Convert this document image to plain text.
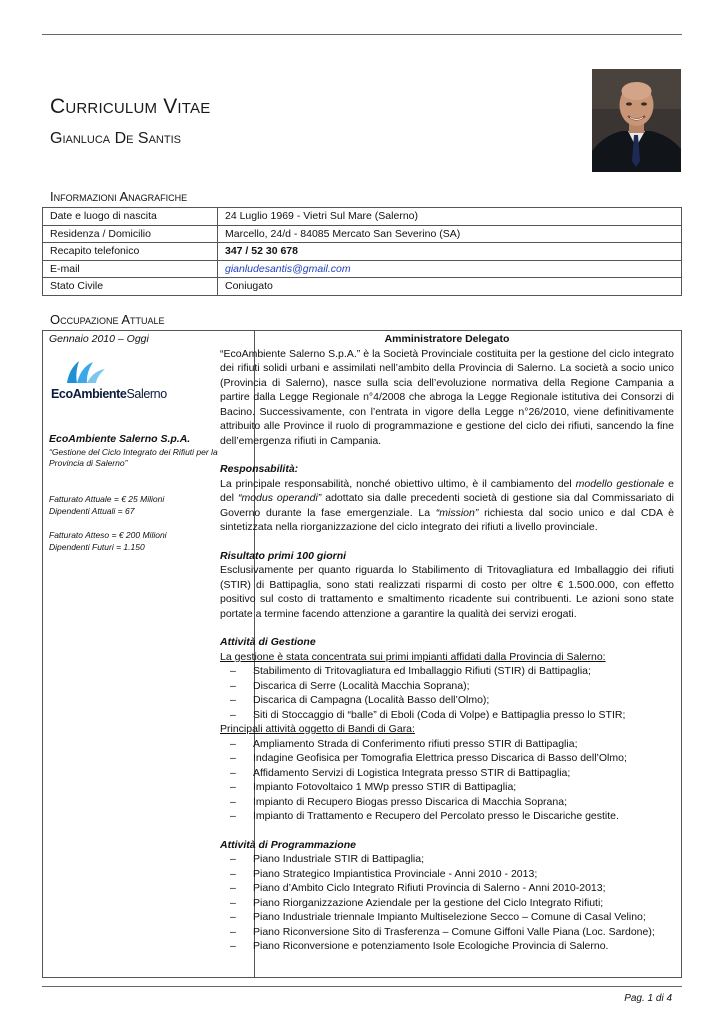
Curriculum Vitae
Gianluca De Santis
Informazioni Anagrafiche
Date e luogo di nascita	24 Luglio 1969 - Vietri Sul Mare (Salerno)
Residenza / Domicilio	Marcello, 24/d - 84085 Mercato San Severino (SA)
Recapito telefonico	347 / 52 30 678
E-mail	gianludesantis@gmail.com
Stato Civile	Coniugato
Occupazione Attuale
Gennaio 2010 – Oggi
EcoAmbienteSalerno
EcoAmbiente Salerno S.p.A.
“Gestione del Ciclo Integrato dei Rifiuti per la Provincia di Salerno”
Fatturato Attuale = € 25 Milioni
Dipendenti Attuali = 67
Fatturato Atteso = € 200 Milioni
Dipendenti Futuri = 1.150
Amministratore Delegato
“EcoAmbiente Salerno S.p.A.” è la Società Provinciale costituita per la gestione del ciclo integrato dei rifiuti solidi urbani e assimilati nell’ambito della Provincia di Salerno. La società a socio unico (Provincia di Salerno), nasce sulla scia dell’evoluzione normativa della Regione Campania a partire dalla Legge Regionale n°4/2008 che abroga la Legge Regionale istitutiva dei Consorzi di Bacino. Successivamente, con l’entrata in vigore della Legge n°26/2010, viene definitivamente attribuito alle Province il ruolo di programmazione e gestione del ciclo dei rifiuti, sancendo la fine dell’emergenza rifiuti in Campania.
Responsabilità:
La principale responsabilità, nonché obiettivo ultimo, è il cambiamento del modello gestionale e del “modus operandi” adottato sia dalle precedenti società di gestione sia dal Commissariato di Governo durante la fase emergenziale. La “mission” richiesta dal socio unico e dal CDA è sintetizzata nella riorganizzazione del ciclo integrato dei rifiuti a livello provinciale.
Risultato primi 100 giorni
Esclusivamente per quanto riguarda lo Stabilimento di Tritovagliatura ed Imballaggio dei rifiuti (STIR) di Battipaglia, sono stati realizzati risparmi di costo per oltre € 1.500.000, con effetto positivo sul costo di trattamento e smaltimento ricadente sui contribuenti. Le azioni sono state portate a termine facendo attenzione a garantire la qualità dei servizi erogati.
Attività di Gestione
La gestione è stata concentrata sui primi impianti affidati dalla Provincia di Salerno:
– Stabilimento di Tritovagliatura ed Imballaggio Rifiuti (STIR) di Battipaglia;
– Discarica di Serre (Località Macchia Soprana);
– Discarica di Campagna (Località Basso dell’Olmo);
– Siti di Stoccaggio di “balle” di Eboli (Coda di Volpe) e Battipaglia presso lo STIR;
Principali attività oggetto di Bandi di Gara:
– Ampliamento Strada di Conferimento rifiuti presso STIR di Battipaglia;
– Indagine Geofisica per Tomografia Elettrica presso Discarica di Basso dell’Olmo;
– Affidamento Servizi di Logistica Integrata presso STIR di Battipaglia;
– Impianto Fotovoltaico 1 MWp presso STIR di Battipaglia;
– Impianto di Recupero Biogas presso Discarica di Macchia Soprana;
– Impianto di Trattamento e Recupero del Percolato presso le Discariche gestite.
Attività di Programmazione
– Piano Industriale STIR di Battipaglia;
– Piano Strategico Impiantistica Provinciale - Anni 2010 - 2013;
– Piano d’Ambito Ciclo Integrato Rifiuti Provincia di Salerno - Anni 2010-2013;
– Piano Riorganizzazione Aziendale per la gestione del Ciclo Integrato Rifiuti;
– Piano Industriale triennale Impianto Multiselezione Secco – Comune di Casal Velino;
– Piano Riconversione Sito di Trasferenza – Comune Giffoni Valle Piana (Loc. Sardone);
– Piano Riconversione e potenziamento Isole Ecologiche Provincia di Salerno.
Pag. 1 di 4
